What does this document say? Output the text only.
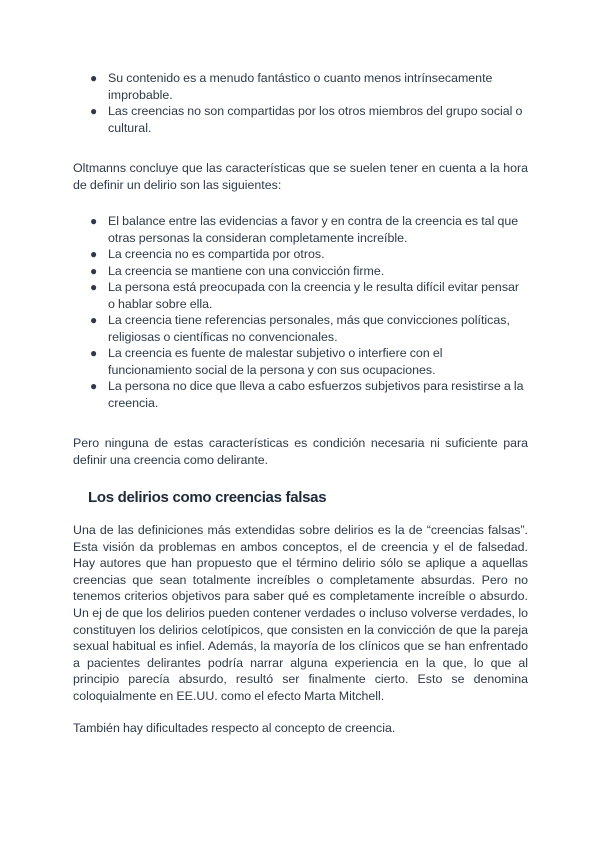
● Su contenido es a menudo fantástico o cuanto menos intrínsecamente improbable.
● Las creencias no son compartidas por los otros miembros del grupo social o cultural.

Oltmanns concluye que las características que se suelen tener en cuenta a la hora de definir un delirio son las siguientes:

● El balance entre las evidencias a favor y en contra de la creencia es tal que otras personas la consideran completamente increíble.
● La creencia no es compartida por otros.
● La creencia se mantiene con una convicción firme.
● La persona está preocupada con la creencia y le resulta difícil evitar pensar o hablar sobre ella.
● La creencia tiene referencias personales, más que convicciones políticas, religiosas o científicas no convencionales.
● La creencia es fuente de malestar subjetivo o interfiere con el funcionamiento social de la persona y con sus ocupaciones.
● La persona no dice que lleva a cabo esfuerzos subjetivos para resistirse a la creencia.

Pero ninguna de estas características es condición necesaria ni suficiente para definir una creencia como delirante.

Los delirios como creencias falsas

Una de las definiciones más extendidas sobre delirios es la de “creencias falsas”. Esta visión da problemas en ambos conceptos, el de creencia y el de falsedad. Hay autores que han propuesto que el término delirio sólo se aplique a aquellas creencias que sean totalmente increíbles o completamente absurdas. Pero no tenemos criterios objetivos para saber qué es completamente increíble o absurdo. Un ej de que los delirios pueden contener verdades o incluso volverse verdades, lo constituyen los delirios celotípicos, que consisten en la convicción de que la pareja sexual habitual es infiel. Además, la mayoría de los clínicos que se han enfrentado a pacientes delirantes podría narrar alguna experiencia en la que, lo que al principio parecía absurdo, resultó ser finalmente cierto. Esto se denomina coloquialmente en EE.UU. como el efecto Marta Mitchell.

También hay dificultades respecto al concepto de creencia.
